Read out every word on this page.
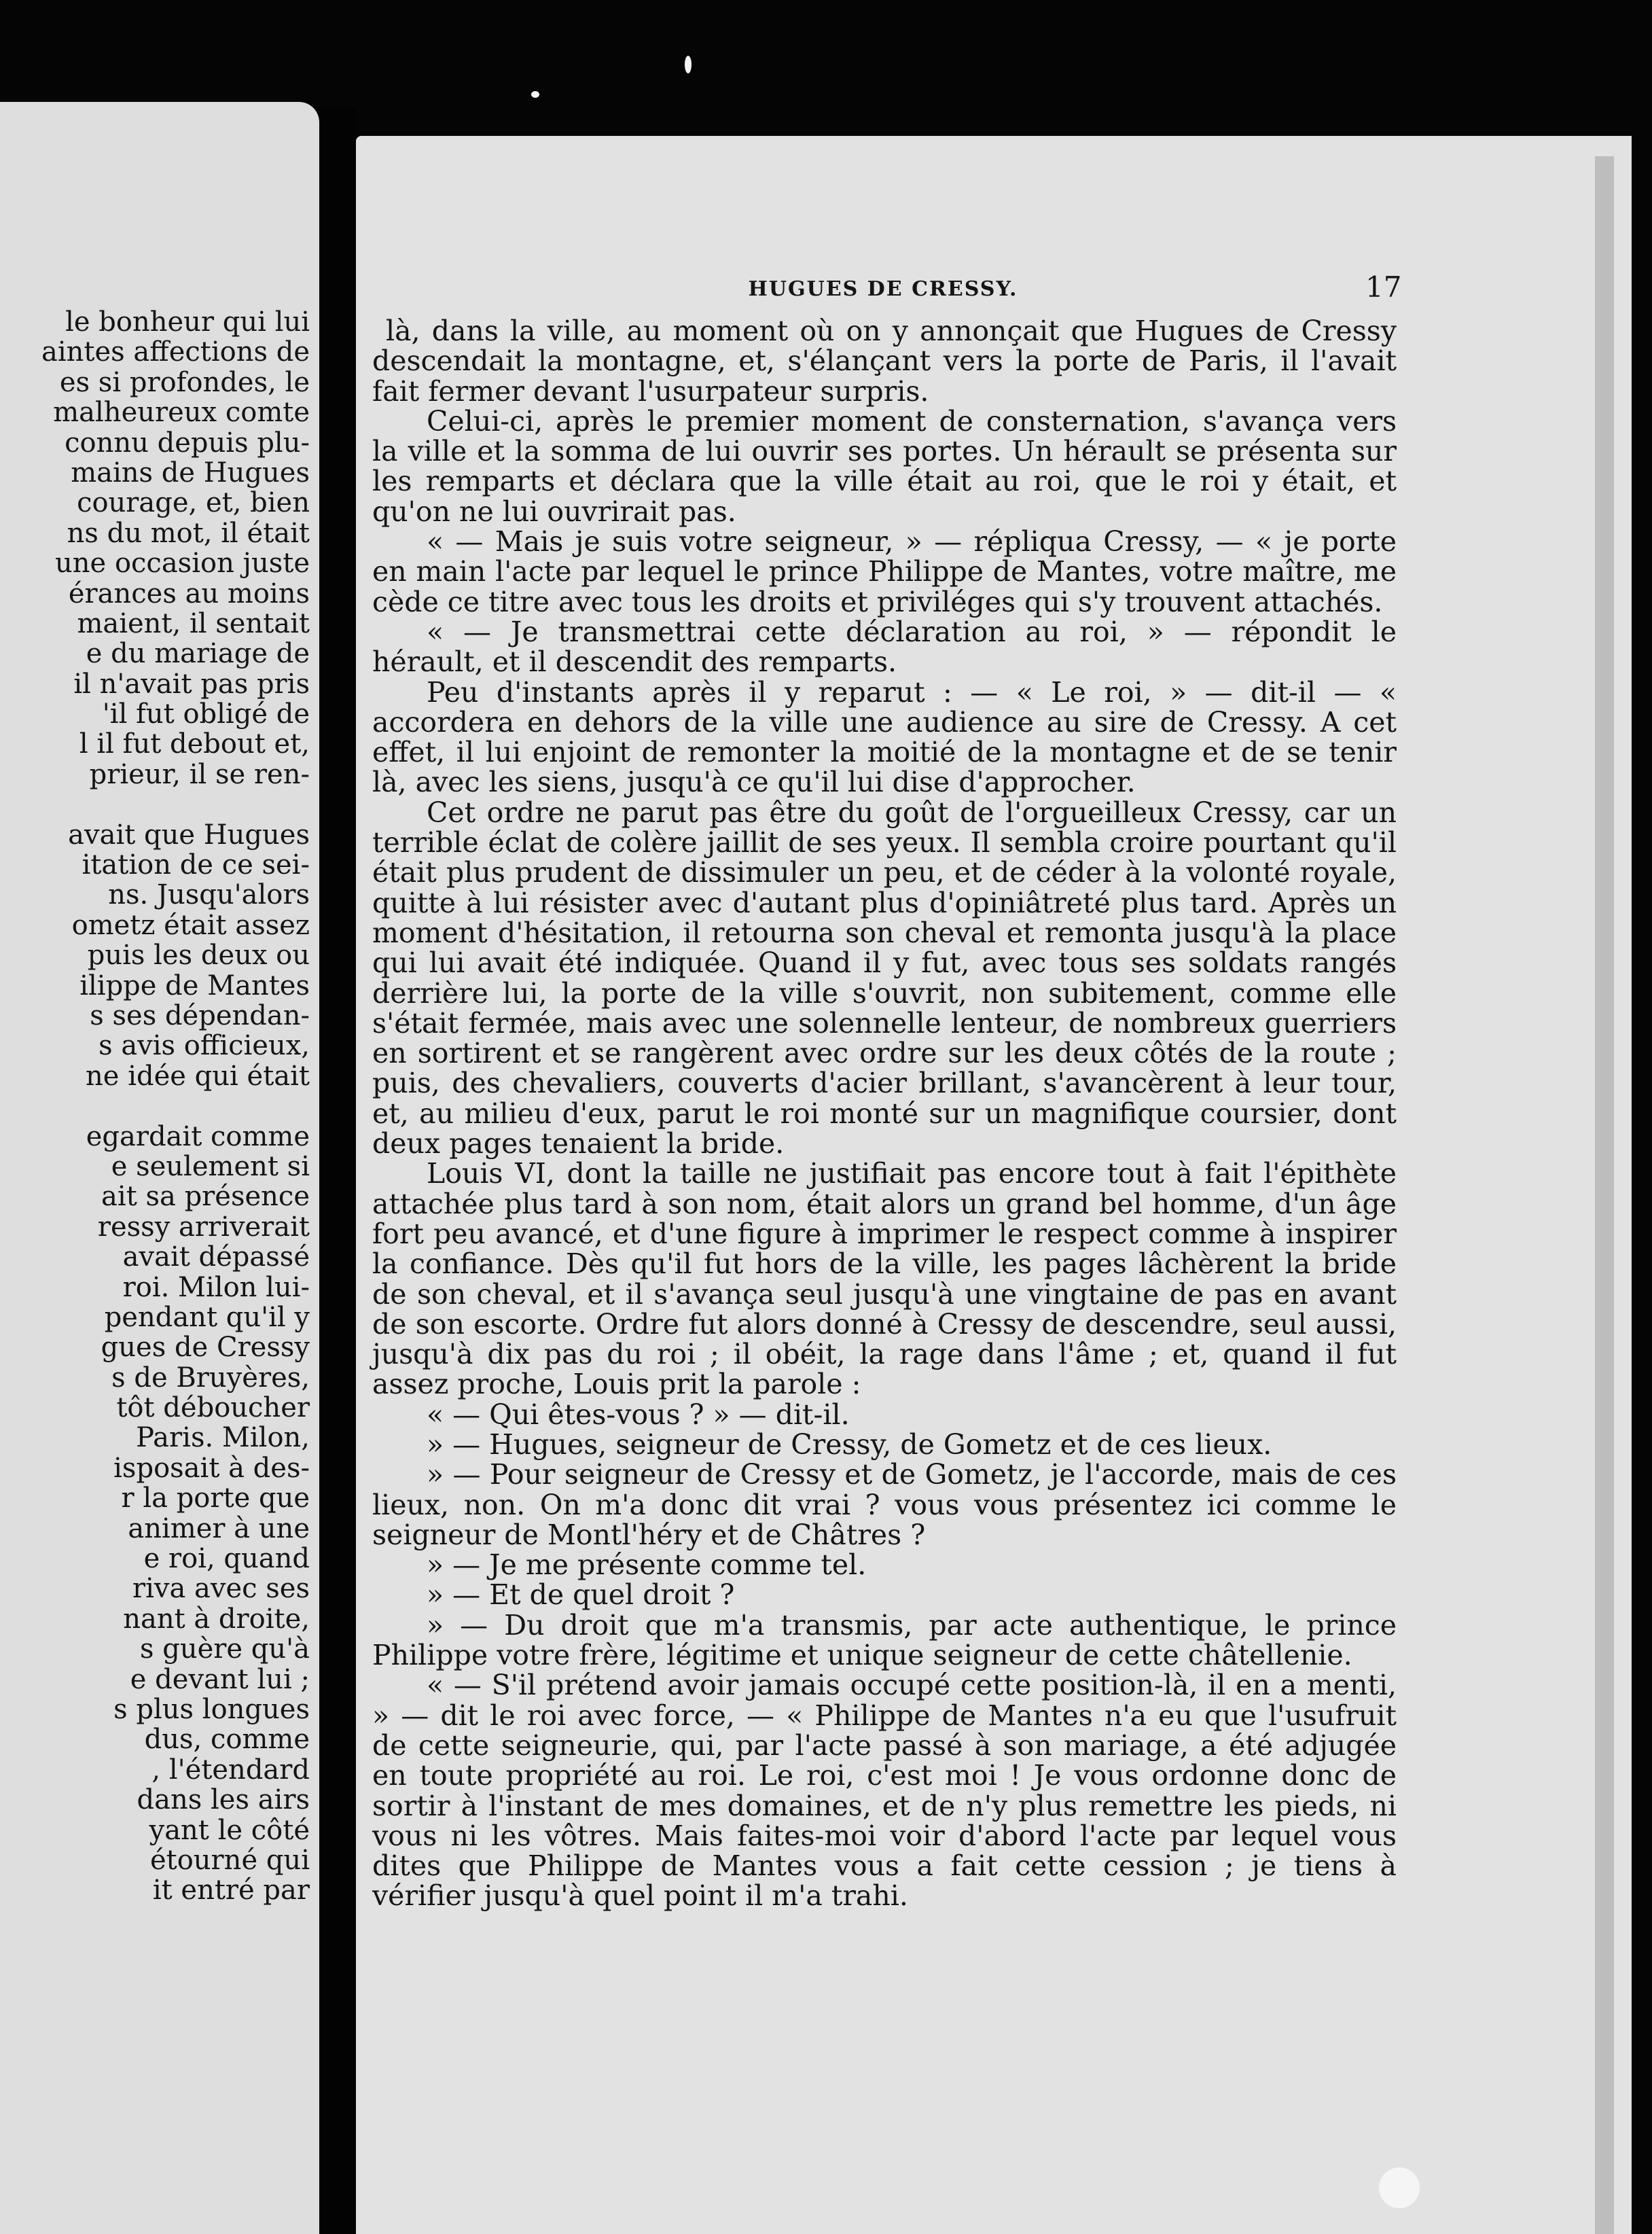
le bonheur qui lui
aintes affections de
es si profondes, le
malheureux comte
connu depuis plu-
mains de Hugues
courage, et, bien
ns du mot, il était
une occasion juste
érances au moins
maient, il sentait
e du mariage de
il n'avait pas pris
'il fut obligé de
l il fut debout et,
prieur, il se ren-
avait que Hugues
itation de ce sei-
ns. Jusqu'alors
ometz était assez
puis les deux ou
ilippe de Mantes
s ses dépendan-
s avis officieux,
ne idée qui était
egardait comme
e seulement si
ait sa présence
ressy arriverait
avait dépassé
roi. Milon lui-
pendant qu'il y
gues de Cressy
s de Bruyères,
tôt déboucher
Paris. Milon,
isposait à des-
r la porte que
animer à une
e roi, quand
riva avec ses
nant à droite,
s guère qu'à
e devant lui ;
s plus longues
dus, comme
, l'étendard
dans les airs
yant le côté
étourné qui
it entré par
HUGUES DE CRESSY.	17

là, dans la ville, au moment où on y annonçait que Hugues de Cressy descendait la montagne, et, s'élançant vers la porte de Paris, il l'avait fait fermer devant l'usurpateur surpris.

Celui-ci, après le premier moment de consternation, s'avança vers la ville et la somma de lui ouvrir ses portes. Un hérault se présenta sur les remparts et déclara que la ville était au roi, que le roi y était, et qu'on ne lui ouvrirait pas.

« — Mais je suis votre seigneur, » — répliqua Cressy, — « je porte en main l'acte par lequel le prince Philippe de Mantes, votre maître, me cède ce titre avec tous les droits et priviléges qui s'y trouvent attachés.

« — Je transmettrai cette déclaration au roi, » — répondit le hérault, et il descendit des remparts.

Peu d'instants après il y reparut : — « Le roi, » — dit-il — « accordera en dehors de la ville une audience au sire de Cressy. A cet effet, il lui enjoint de remonter la moitié de la montagne et de se tenir là, avec les siens, jusqu'à ce qu'il lui dise d'approcher.

Cet ordre ne parut pas être du goût de l'orgueilleux Cressy, car un terrible éclat de colère jaillit de ses yeux. Il sembla croire pourtant qu'il était plus prudent de dissimuler un peu, et de céder à la volonté royale, quitte à lui résister avec d'autant plus d'opiniâtreté plus tard. Après un moment d'hésitation, il retourna son cheval et remonta jusqu'à la place qui lui avait été indiquée. Quand il y fut, avec tous ses soldats rangés derrière lui, la porte de la ville s'ouvrit, non subitement, comme elle s'était fermée, mais avec une solennelle lenteur, de nombreux guerriers en sortirent et se rangèrent avec ordre sur les deux côtés de la route ; puis, des chevaliers, couverts d'acier brillant, s'avancèrent à leur tour, et, au milieu d'eux, parut le roi monté sur un magnifique coursier, dont deux pages tenaient la bride.

Louis VI, dont la taille ne justifiait pas encore tout à fait l'épithète attachée plus tard à son nom, était alors un grand bel homme, d'un âge fort peu avancé, et d'une figure à imprimer le respect comme à inspirer la confiance. Dès qu'il fut hors de la ville, les pages lâchèrent la bride de son cheval, et il s'avança seul jusqu'à une vingtaine de pas en avant de son escorte. Ordre fut alors donné à Cressy de descendre, seul aussi, jusqu'à dix pas du roi ; il obéit, la rage dans l'âme ; et, quand il fut assez proche, Louis prit la parole :

« — Qui êtes-vous ? » — dit-il.

» — Hugues, seigneur de Cressy, de Gometz et de ces lieux.

» — Pour seigneur de Cressy et de Gometz, je l'accorde, mais de ces lieux, non. On m'a donc dit vrai ? vous vous présentez ici comme le seigneur de Montl'héry et de Châtres ?

» — Je me présente comme tel.

» — Et de quel droit ?

» — Du droit que m'a transmis, par acte authentique, le prince Philippe votre frère, légitime et unique seigneur de cette châtellenie.

« — S'il prétend avoir jamais occupé cette position-là, il en a menti, » — dit le roi avec force, — « Philippe de Mantes n'a eu que l'usufruit de cette seigneurie, qui, par l'acte passé à son mariage, a été adjugée en toute propriété au roi. Le roi, c'est moi ! Je vous ordonne donc de sortir à l'instant de mes domaines, et de n'y plus remettre les pieds, ni vous ni les vôtres. Mais faites-moi voir d'abord l'acte par lequel vous dites que Philippe de Mantes vous a fait cette cession ; je tiens à vérifier jusqu'à quel point il m'a trahi.
